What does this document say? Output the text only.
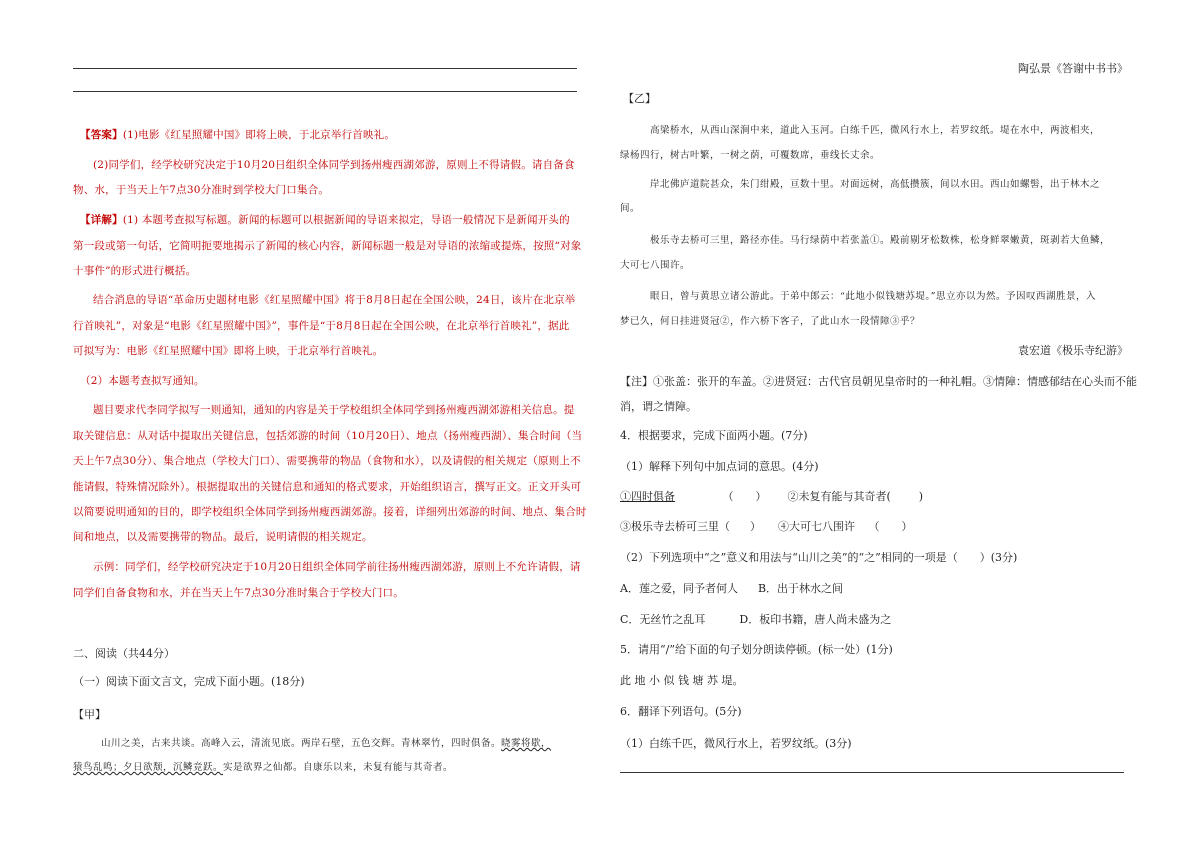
【答案】(1)电影《红星照耀中国》即将上映，于北京举行首映礼。
(2)同学们，经学校研究决定于10月20日组织全体同学到扬州瘦西湖郊游，原则上不得请假。请自备食
物、水，于当天上午7点30分准时到学校大门口集合。
【详解】(1) 本题考查拟写标题。新闻的标题可以根据新闻的导语来拟定，导语一般情况下是新闻开头的
第一段或第一句话，它简明扼要地揭示了新闻的核心内容，新闻标题一般是对导语的浓缩或提炼，按照“对象
十事件”的形式进行概括。
结合消息的导语“革命历史题材电影《红星照耀中国》将于8月8日起在全国公映，24日，该片在北京举
行首映礼”，对象是“电影《红星照耀中国》”，事件是“于8月8日起在全国公映，在北京举行首映礼”，据此
可拟写为：电影《红星照耀中国》即将上映，于北京举行首映礼。
（2）本题考查拟写通知。
题目要求代李同学拟写一则通知，通知的内容是关于学校组织全体同学到扬州瘦西湖郊游相关信息。提
取关键信息：从对话中提取出关键信息，包括郊游的时间（10月20日）、地点（扬州瘦西湖）、集合时间（当
天上午7点30分）、集合地点（学校大门口）、需要携带的物品（食物和水），以及请假的相关规定（原则上不
能请假，特殊情况除外）。根据提取出的关键信息和通知的格式要求，开始组织语言，撰写正文。正文开头可
以简要说明通知的目的，即学校组织全体同学到扬州瘦西湖郊游。接着，详细列出郊游的时间、地点、集合时
间和地点，以及需要携带的物品。最后，说明请假的相关规定。
示例：同学们，经学校研究决定于10月20日组织全体同学前往扬州瘦西湖郊游，原则上不允许请假，请
同学们自备食物和水，并在当天上午7点30分准时集合于学校大门口。
二、阅读（共44分）
（一）阅读下面文言文，完成下面小题。(18分)
【甲】
山川之美，古来共谈。高峰入云，清流见底。两岸石壁，五色交辉。青林翠竹，四时俱备。晓雾将歇，
猿鸟乱鸣；夕日欲颓，沉鳞竞跃。实是欲界之仙都。自康乐以来，未复有能与其奇者。
陶弘景《答谢中书书》
【乙】
高梁桥水，从西山深涧中来，道此入玉河。白练千匹，微风行水上，若罗纹纸。堤在水中，两波相夹，
绿杨四行，树古叶繁，一树之荫，可覆数席，垂线长丈余。
岸北佛庐道院甚众，朱门绀殿，亘数十里。对面远树，高低攒簇，间以水田。西山如螺髻，出于林木之
间。
极乐寺去桥可三里，路径亦佳。马行绿荫中若张盖①。殿前剔牙松数株，松身鲜翠嫩黄，斑剥若大鱼鳞，
大可七八围许。
眼日，曾与黄思立诸公游此。于弟中郎云：“此地小似钱塘苏堤。”思立亦以为然。予因叹西湖胜景，入
梦已久，何日挂进贤冠②，作六桥下客子，了此山水一段情障③乎？
袁宏道《极乐寺纪游》
【注】①张盖：张开的车盖。②进贤冠：古代官员朝见皇帝时的一种礼帽。③情障：情感郁结在心头而不能
消，谓之情障。
4．根据要求，完成下面两小题。(7分)
（1）解释下列句中加点词的意思。(4分)
①四时俱备	（ ） ②未复有能与其奇者(	)
③极乐寺去桥可三里（ ） ④大可七八围许 （ ）
（2）下列选项中“之”意义和用法与“山川之美”的“之”相同的一项是（　　）(3分)
A．莲之爱，同予者何人 B．出于林水之间
C．无丝竹之乱耳	D．板印书籍，唐人尚未盛为之
5．请用“/”给下面的句子划分朗读停顿。(标一处）(1分)
此 地 小 似 钱 塘 苏 堤。
6．翻译下列语句。(5分)
（1）白练千匹，微风行水上，若罗纹纸。(3分)
